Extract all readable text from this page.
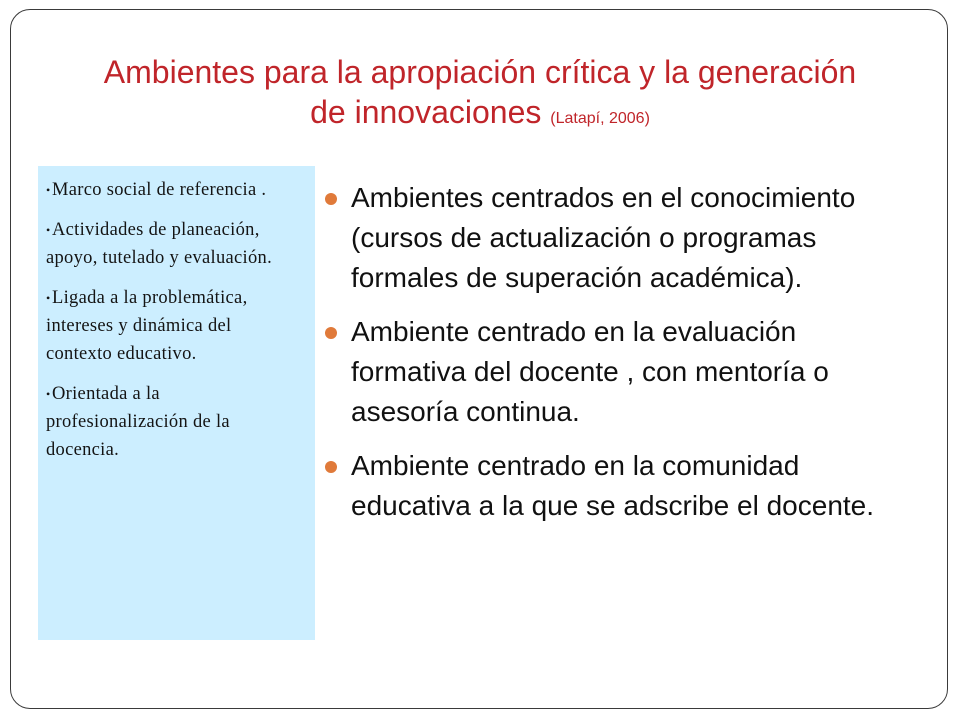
Ambientes para la apropiación crítica y la generación de innovaciones (Latapí, 2006)
•Marco social de referencia .
•Actividades de planeación, apoyo, tutelado y evaluación.
•Ligada a la problemática, intereses y dinámica del contexto educativo.
•Orientada a la profesionalización de la docencia.
Ambientes centrados en el conocimiento (cursos de actualización o programas formales de superación académica).
Ambiente centrado en la evaluación formativa del docente , con mentoría o asesoría continua.
Ambiente centrado en la comunidad educativa a la que se adscribe el docente.
